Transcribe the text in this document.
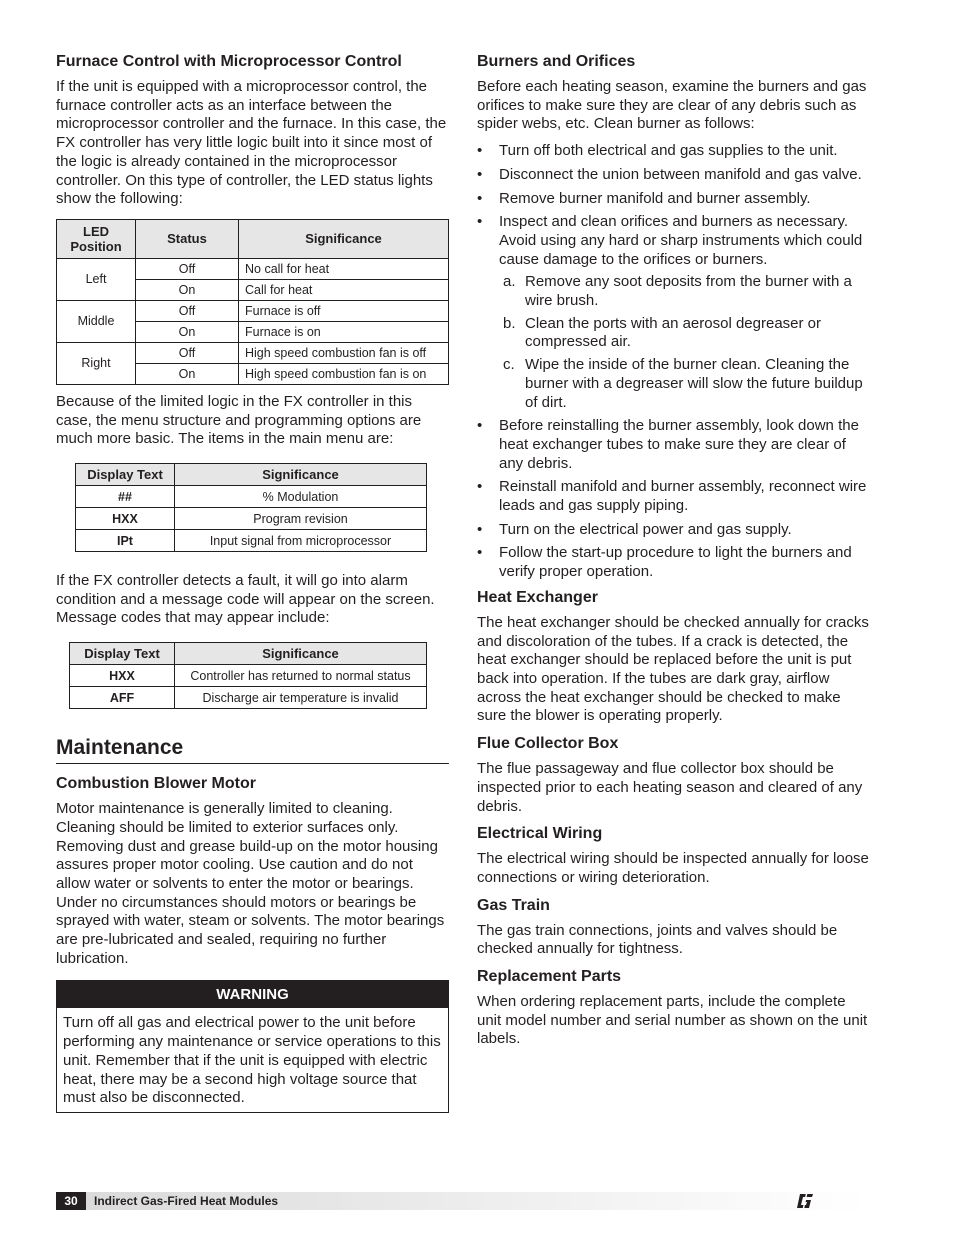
Furnace Control with Microprocessor Control

If the unit is equipped with a microprocessor control, the furnace controller acts as an interface between the microprocessor controller and the furnace. In this case, the FX controller has very little logic built into it since most of the logic is already contained in the microprocessor controller. On this type of controller, the LED status lights show the following:

LED Position	Status	Significance
Left	Off	No call for heat
	On	Call for heat
Middle	Off	Furnace is off
	On	Furnace is on
Right	Off	High speed combustion fan is off
	On	High speed combustion fan is on

Because of the limited logic in the FX controller in this case, the menu structure and programming options are much more basic. The items in the main menu are:

Display Text	Significance
##	% Modulation
HXX	Program revision
IPt	Input signal from microprocessor

If the FX controller detects a fault, it will go into alarm condition and a message code will appear on the screen. Message codes that may appear include:

Display Text	Significance
HXX	Controller has returned to normal status
AFF	Discharge air temperature is invalid
Maintenance
Combustion Blower Motor

Motor maintenance is generally limited to cleaning. Cleaning should be limited to exterior surfaces only. Removing dust and grease build-up on the motor housing assures proper motor cooling. Use caution and do not allow water or solvents to enter the motor or bearings. Under no circumstances should motors or bearings be sprayed with water, steam or solvents. The motor bearings are pre-lubricated and sealed, requiring no further lubrication.

WARNING
Turn off all gas and electrical power to the unit before performing any maintenance or service operations to this unit. Remember that if the unit is equipped with electric heat, there may be a second high voltage source that must also be disconnected.
Burners and Orifices

Before each heating season, examine the burners and gas orifices to make sure they are clear of any debris such as spider webs, etc. Clean burner as follows:

• Turn off both electrical and gas supplies to the unit.
• Disconnect the union between manifold and gas valve.
• Remove burner manifold and burner assembly.
• Inspect and clean orifices and burners as necessary. Avoid using any hard or sharp instruments which could cause damage to the orifices or burners.
a. Remove any soot deposits from the burner with a wire brush.
b. Clean the ports with an aerosol degreaser or compressed air.
c. Wipe the inside of the burner clean. Cleaning the burner with a degreaser will slow the future buildup of dirt.
• Before reinstalling the burner assembly, look down the heat exchanger tubes to make sure they are clear of any debris.
• Reinstall manifold and burner assembly, reconnect wire leads and gas supply piping.
• Turn on the electrical power and gas supply.
• Follow the start-up procedure to light the burners and verify proper operation.
Heat Exchanger

The heat exchanger should be checked annually for cracks and discoloration of the tubes. If a crack is detected, the heat exchanger should be replaced before the unit is put back into operation. If the tubes are dark gray, airflow across the heat exchanger should be checked to make sure the blower is operating properly.

Flue Collector Box

The flue passageway and flue collector box should be inspected prior to each heating season and cleared of any debris.

Electrical Wiring

The electrical wiring should be inspected annually for loose connections or wiring deterioration.

Gas Train

The gas train connections, joints and valves should be checked annually for tightness.

Replacement Parts

When ordering replacement parts, include the complete unit model number and serial number as shown on the unit labels.

30	Indirect Gas-Fired Heat Modules
